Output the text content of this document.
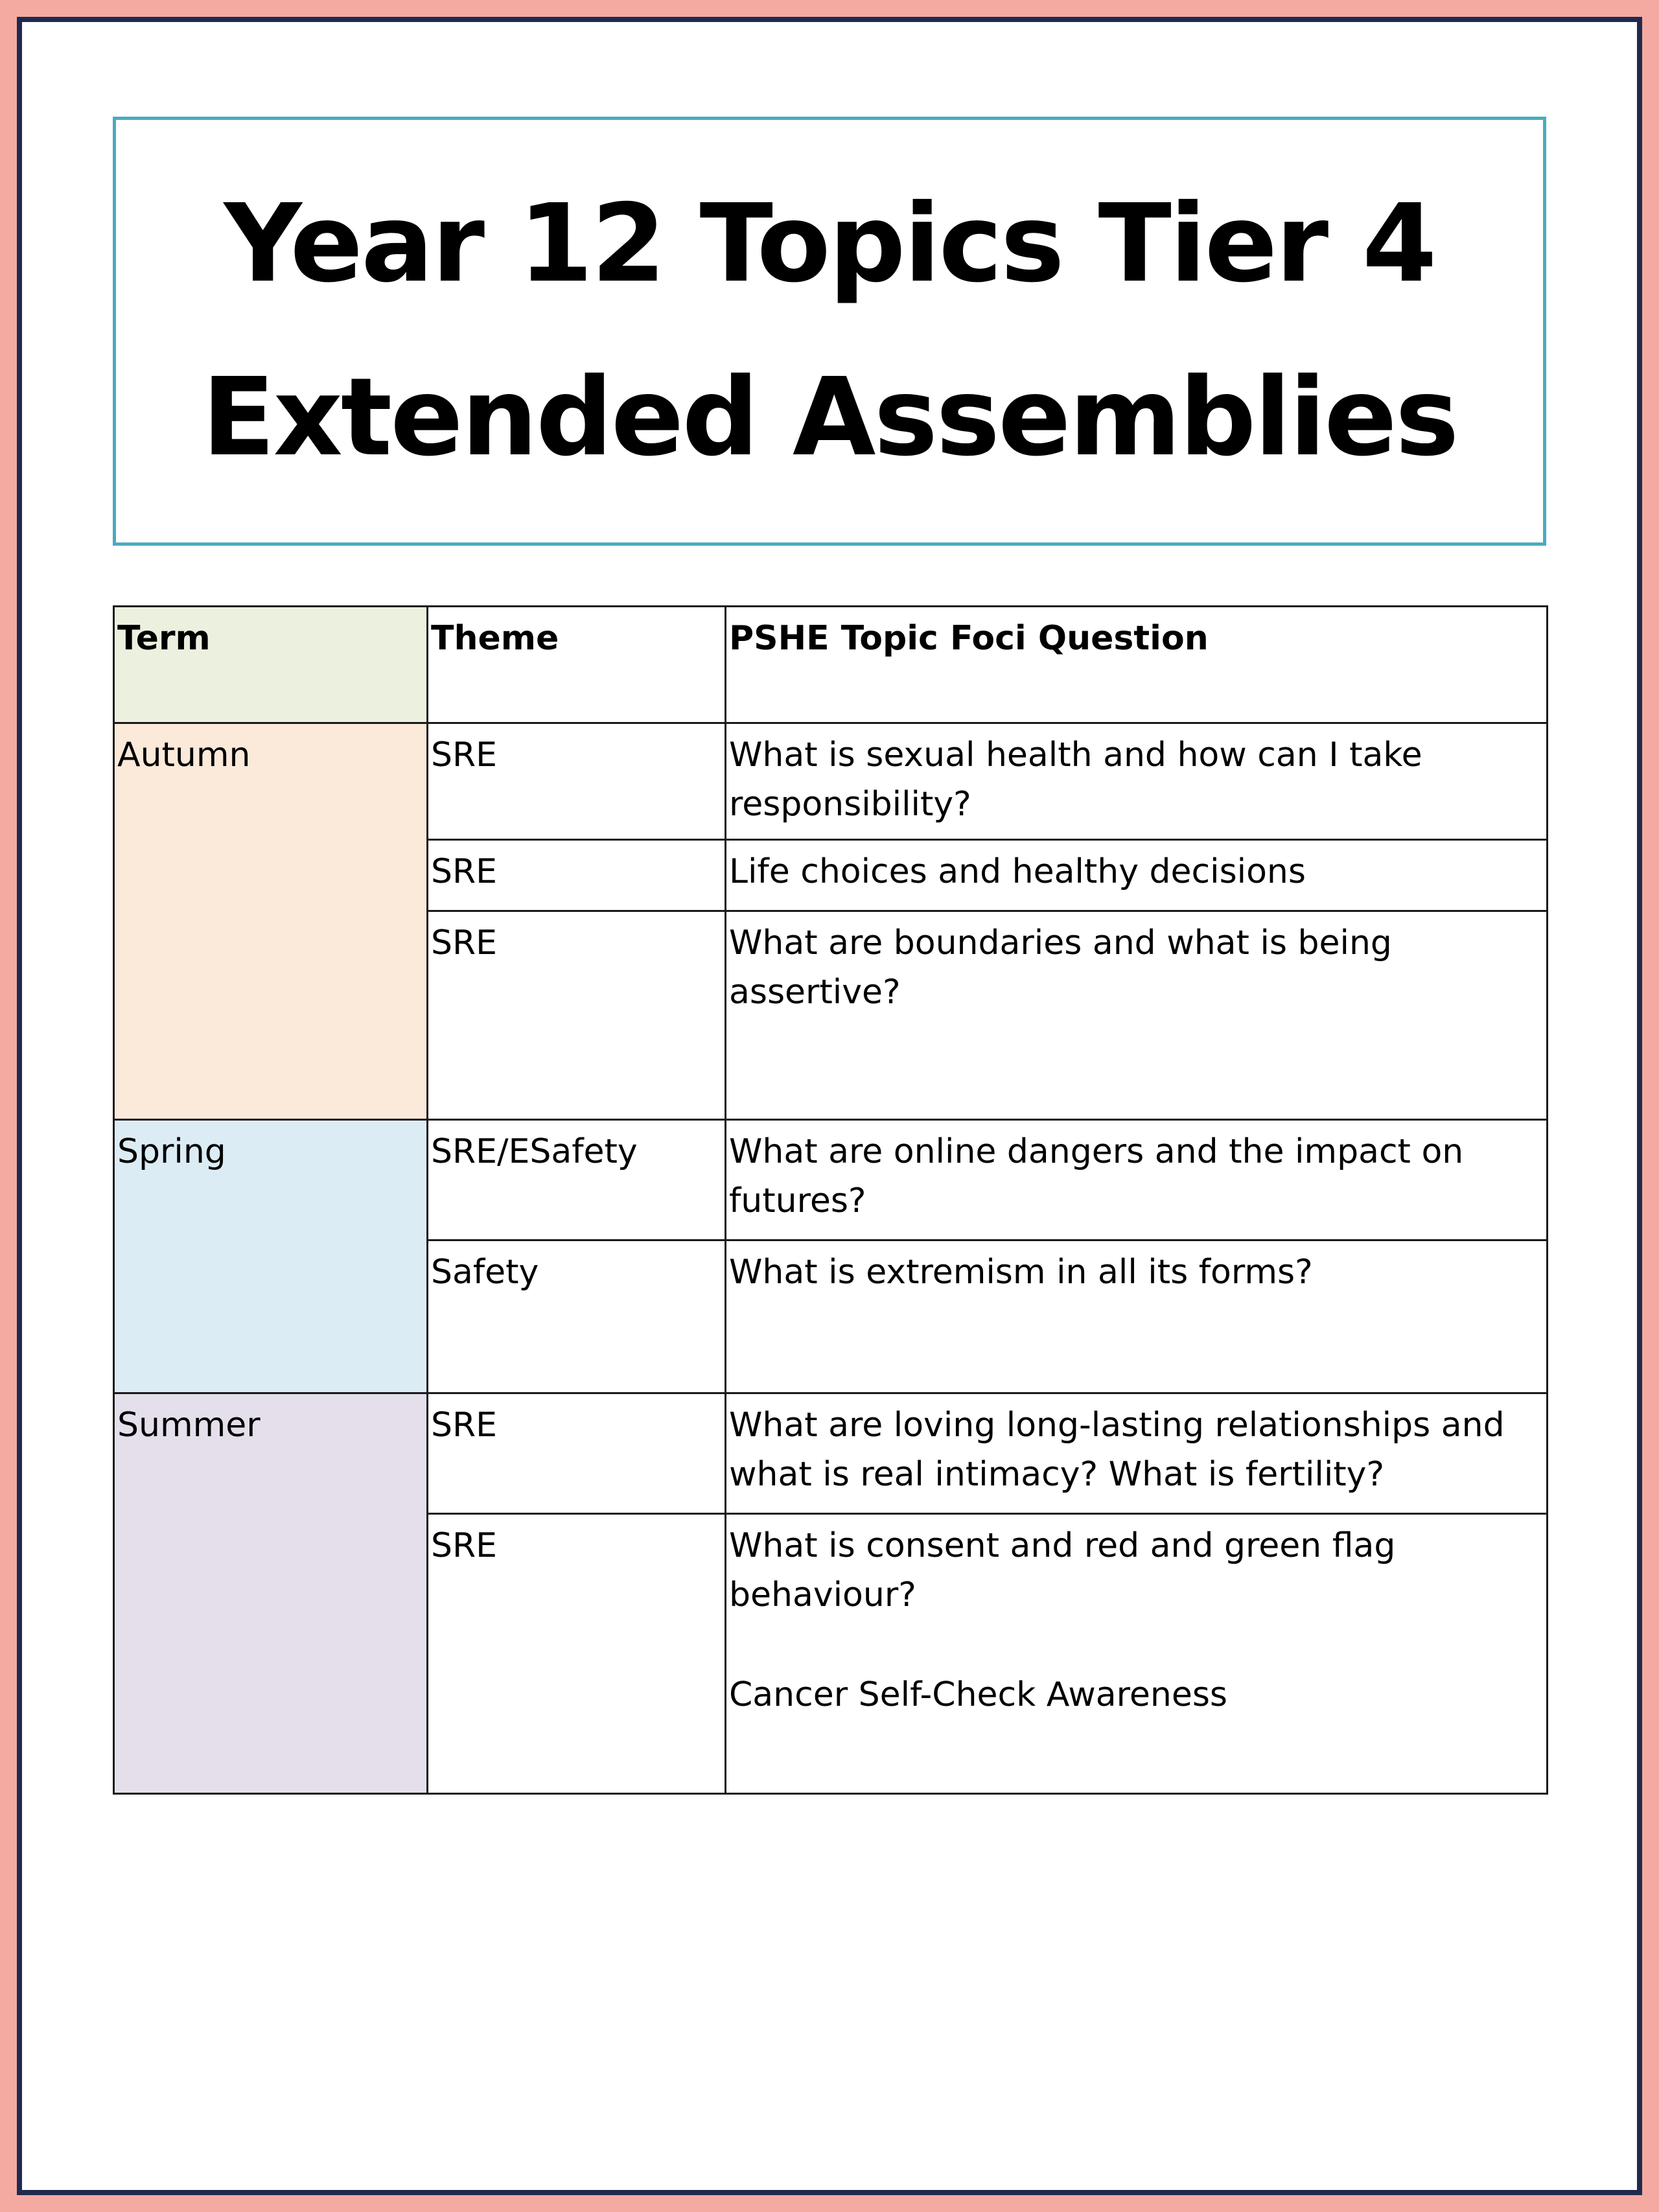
Year 12 Topics Tier 4
Extended Assemblies
Term	Theme	PSHE Topic Foci Question
Autumn	SRE	What is sexual health and how can I take responsibility?
	SRE	Life choices and healthy decisions
	SRE	What are boundaries and what is being assertive?
Spring	SRE/ESafety	What are online dangers and the impact on futures?
	Safety	What is extremism in all its forms?
Summer	SRE	What are loving long-lasting relationships and what is real intimacy? What is fertility?
	SRE	What is consent and red and green flag behaviour?
Cancer Self-Check Awareness
